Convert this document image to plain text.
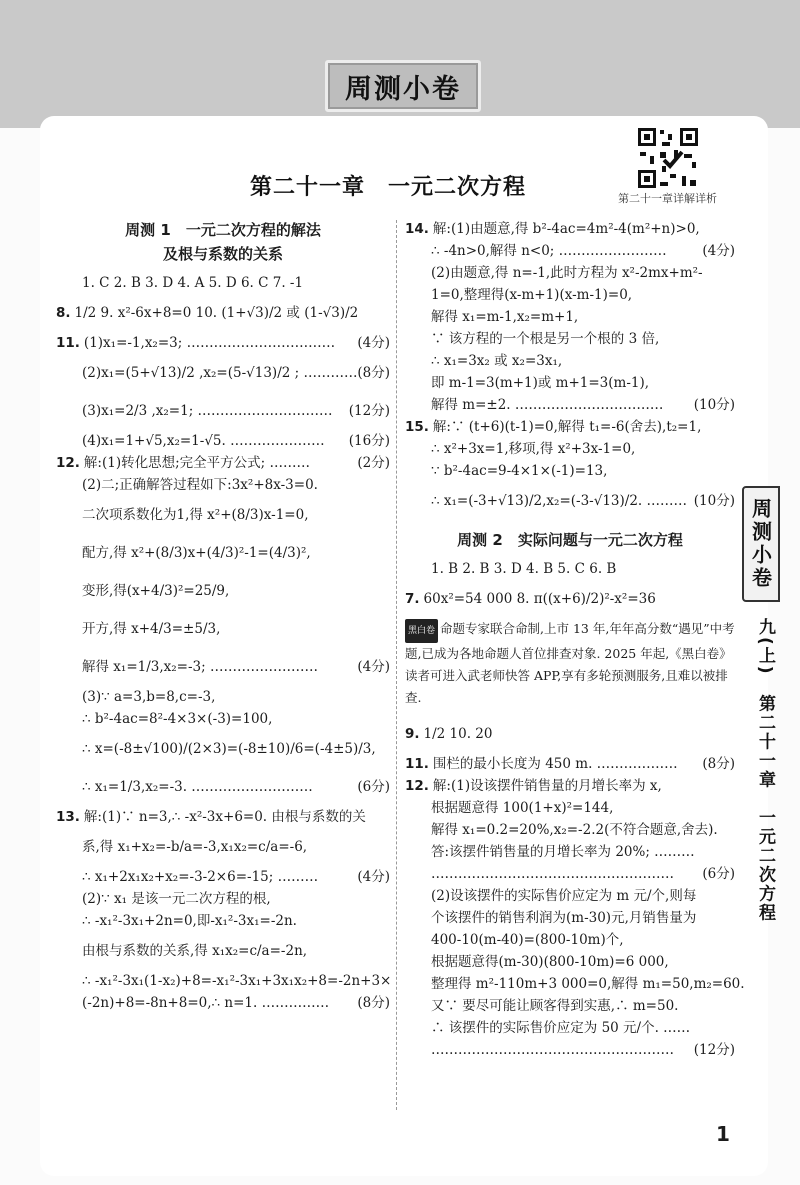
周测小卷
第二十一章详解详析
第二十一章　一元二次方程
周测 1　一元二次方程的解法
及根与系数的关系
1. C 2. B 3. D 4. A 5. D 6. C 7. -1
8. 1/2 9. x²-6x+8=0 10. (1+√3)/2 或 (1-√3)/2
11. (1)x₁=-1,x₂=3; …………………………… (4分)
(2)x₁=(5+√13)/2 ,x₂=(5-√13)/2 ; ………… (8分)
(3)x₁=2/3 ,x₂=1; ………………………… (12分)
(4)x₁=1+√5,x₂=1-√5. ………………… (16分)
12. 解:(1)转化思想;完全平方公式; ………	(2分)
(2)二;正确解答过程如下:3x²+8x-3=0.
二次项系数化为1,得 x²+(8/3)x-1=0,
配方,得 x²+(8/3)x+(4/3)²-1=(4/3)²,
变形,得(x+4/3)²=25/9,
开方,得 x+4/3=±5/3,
解得 x₁=1/3,x₂=-3; ……………………	(4分)
(3)∵ a=3,b=8,c=-3,
∴ b²-4ac=8²-4×3×(-3)=100,
∴ x=(-8±√100)/(2×3)=(-8±10)/6=(-4±5)/3,
∴ x₁=1/3,x₂=-3. ………………………	(6分)
13. 解:(1)∵ n=3,∴ -x²-3x+6=0. 由根与系数的关
系,得 x₁+x₂=-b/a=-3,x₁x₂=c/a=-6,
∴ x₁+2x₁x₂+x₂=-3-2×6=-15; ………	(4分)
(2)∵ x₁ 是该一元二次方程的根,
∴ -x₁²-3x₁+2n=0,即-x₁²-3x₁=-2n.
由根与系数的关系,得 x₁x₂=c/a=-2n,
∴ -x₁²-3x₁(1-x₂)+8=-x₁²-3x₁+3x₁x₂+8=-2n+3×
(-2n)+8=-8n+8=0,∴ n=1. …………… (8分)
14. 解:(1)由题意,得 b²-4ac=4m²-4(m²+n)>0,
∴ -4n>0,解得 n<0; ……………………	(4分)
(2)由题意,得 n=-1,此时方程为 x²-2mx+m²-
1=0,整理得(x-m+1)(x-m-1)=0,
解得 x₁=m-1,x₂=m+1,
∵ 该方程的一个根是另一个根的 3 倍,
∴ x₁=3x₂ 或 x₂=3x₁,
即 m-1=3(m+1)或 m+1=3(m-1),
解得 m=±2. …………………………… (10分)
15. 解:∵ (t+6)(t-1)=0,解得 t₁=-6(舍去),t₂=1,
∴ x²+3x=1,移项,得 x²+3x-1=0,
∵ b²-4ac=9-4×1×(-1)=13,
∴ x₁=(-3+√13)/2,x₂=(-3-√13)/2. ……… (10分)
周测 2　实际问题与一元二次方程
1. B 2. B 3. D 4. B 5. C 6. B
7. 60x²=54 000 8. π((x+6)/2)²-x²=36
黑白卷 命题专家联合命制,上市 13 年,年年高分数“遇见”中考题,已成为各地命题人首位排查对象. 2025 年起,《黑白卷》读者可进入武老师快答 APP,享有多轮预测服务,且难以被排查.
9. 1/2 10. 20
11. 围栏的最小长度为 450 m. ……………… (8分)
12. 解:(1)设该摆件销售量的月增长率为 x,
根据题意得 100(1+x)²=144,
解得 x₁=0.2=20%,x₂=-2.2(不符合题意,舍去).
答:该摆件销售量的月增长率为 20%; ………
……………………………………………… (6分)
(2)设该摆件的实际售价应定为 m 元/个,则每
个该摆件的销售利润为(m-30)元,月销售量为
400-10(m-40)=(800-10m)个,
根据题意得(m-30)(800-10m)=6 000,
整理得 m²-110m+3 000=0,解得 m₁=50,m₂=60.
又∵ 要尽可能让顾客得到实惠,∴ m=50.
∴ 该摆件的实际售价应定为 50 元/个. ……
……………………………………………… (12分)
周测小卷
九(上)　第二十一章　一元二次方程
1
